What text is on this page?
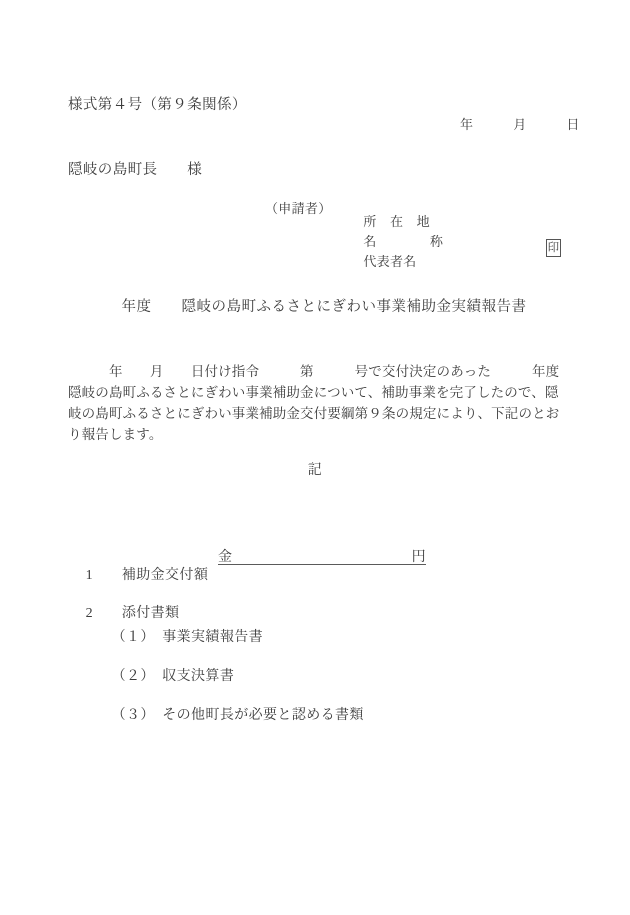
様式第４号（第９条関係）
年　　　月　　　日
隠岐の島町長　　様
（申請者）

所　在　地

名　　　　称

代表者名

印

年度　　隠岐の島町ふるさとにぎわい事業補助金実績報告書

　　　年　　月　　日付け指令　　　第　　　号で交付決定のあった　　　年度隠岐の島町ふるさとにぎわい事業補助金について、補助事業を完了したので、隠岐の島町ふるさとにぎわい事業補助金交付要綱第９条の規定により、下記のとおり報告します。

記

1　　 補助金交付額

金	円

2　　 添付書類

（１）　 事業実績報告書

（２）　 収支決算書

（３）　 その他町長が必要と認める書類
